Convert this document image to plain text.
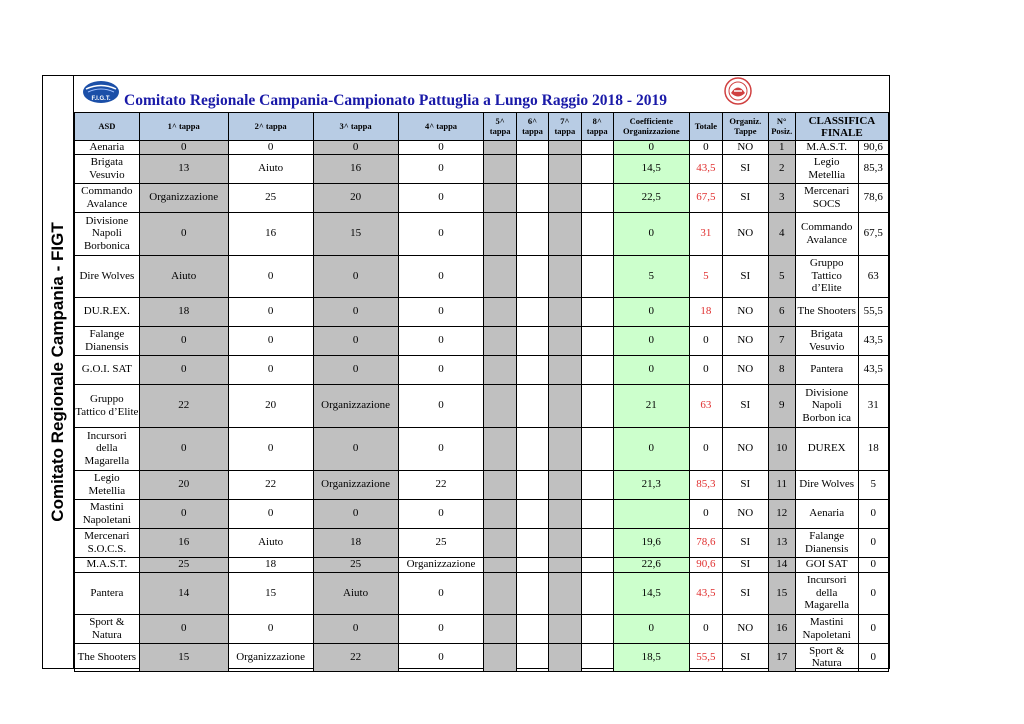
Comitato Regionale Campania - FIGT
F.I.G.T. Comitato Regionale Campania-Campionato Pattuglia a Lungo Raggio 2018 - 2019
ASD	1^ tappa	2^ tappa	3^ tappa	4^ tappa	5^ tappa	6^ tappa	7^ tappa	8^ tappa	Coefficiente Organizzazione	Totale	Organiz. Tappe	N° Posiz.	CLASSIFICA FINALE	
Aenaria	0	0	0	0					0	0	NO	1	M.A.S.T.	90,6
Brigata Vesuvio	13	Aiuto	16	0					14,5	43,5	SI	2	Legio Metellia	85,3
Commando Avalance	Organizzazione	25	20	0					22,5	67,5	SI	3	Mercenari SOCS	78,6
Divisione Napoli Borbonica	0	16	15	0					0	31	NO	4	Commando Avalance	67,5
Dire Wolves	Aiuto	0	0	0					5	5	SI	5	Gruppo Tattico d’Elite	63
DU.R.EX.	18	0	0	0					0	18	NO	6	The Shooters	55,5
Falange Dianensis	0	0	0	0					0	0	NO	7	Brigata Vesuvio	43,5
G.O.I. SAT	0	0	0	0					0	0	NO	8	Pantera	43,5
Gruppo Tattico d’Elite	22	20	Organizzazione	0					21	63	SI	9	Divisione Napoli Borbon ica	31
Incursori della Magarella	0	0	0	0					0	0	NO	10	DUREX	18
Legio Metellia	20	22	Organizzazione	22					21,3	85,3	SI	11	Dire Wolves	5
Mastini Napoletani	0	0	0	0						0	NO	12	Aenaria	0
Mercenari S.O.C.S.	16	Aiuto	18	25					19,6	78,6	SI	13	Falange Dianensis	0
M.A.S.T.	25	18	25	Organizzazione					22,6	90,6	SI	14	GOI SAT	0
Pantera	14	15	Aiuto	0					14,5	43,5	SI	15	Incursori della Magarella	0
Sport & Natura	0	0	0	0					0	0	NO	16	Mastini Napoletani	0
The Shooters	15	Organizzazione	22	0					18,5	55,5	SI	17	Sport & Natura	0
